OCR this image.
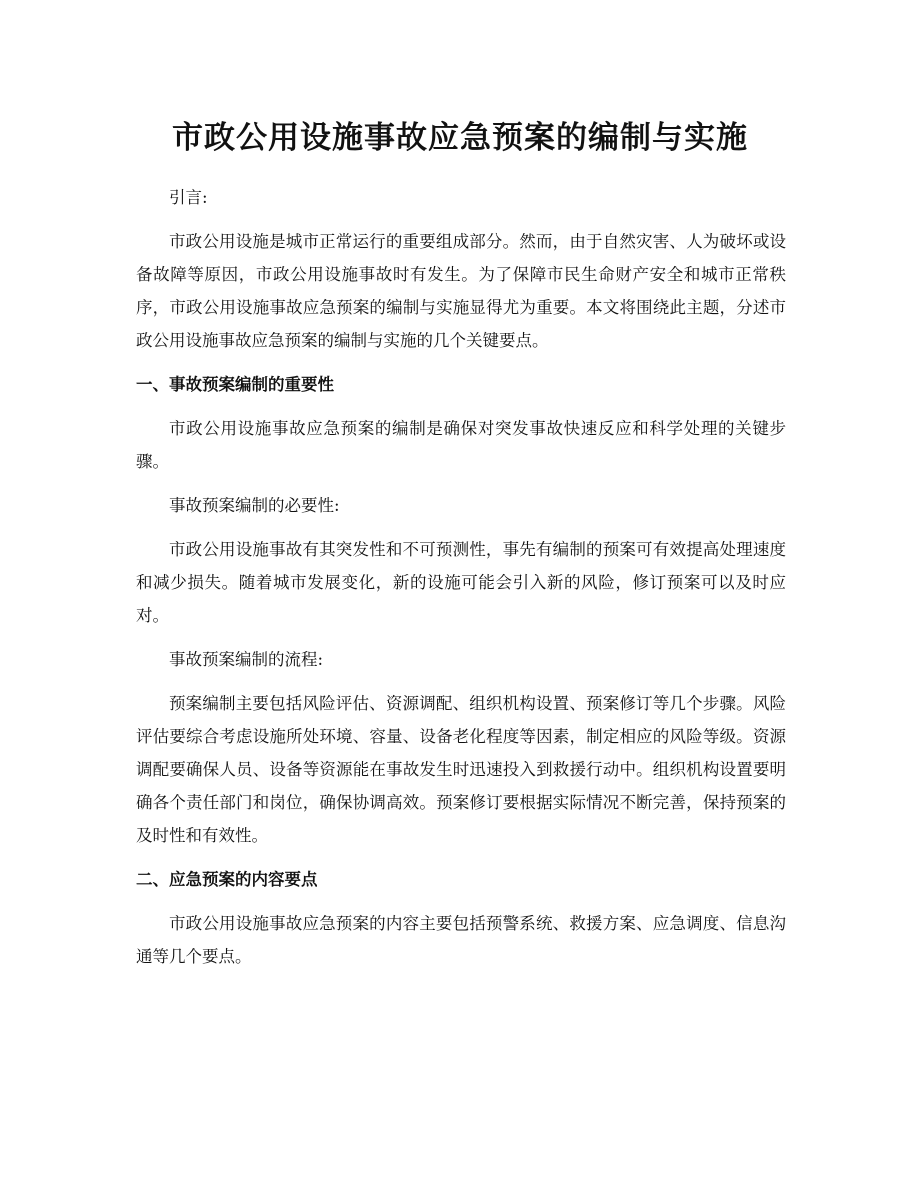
市政公用设施事故应急预案的编制与实施

引言:

市政公用设施是城市正常运行的重要组成部分。然而，由于自然灾害、人为破坏或设备故障等原因，市政公用设施事故时有发生。为了保障市民生命财产安全和城市正常秩序，市政公用设施事故应急预案的编制与实施显得尤为重要。本文将围绕此主题，分述市政公用设施事故应急预案的编制与实施的几个关键要点。

一、事故预案编制的重要性

市政公用设施事故应急预案的编制是确保对突发事故快速反应和科学处理的关键步骤。

事故预案编制的必要性:

市政公用设施事故有其突发性和不可预测性，事先有编制的预案可有效提高处理速度和减少损失。随着城市发展变化，新的设施可能会引入新的风险，修订预案可以及时应对。

事故预案编制的流程:

预案编制主要包括风险评估、资源调配、组织机构设置、预案修订等几个步骤。风险评估要综合考虑设施所处环境、容量、设备老化程度等因素，制定相应的风险等级。资源调配要确保人员、设备等资源能在事故发生时迅速投入到救援行动中。组织机构设置要明确各个责任部门和岗位，确保协调高效。预案修订要根据实际情况不断完善，保持预案的及时性和有效性。

二、应急预案的内容要点

市政公用设施事故应急预案的内容主要包括预警系统、救援方案、应急调度、信息沟通等几个要点。
